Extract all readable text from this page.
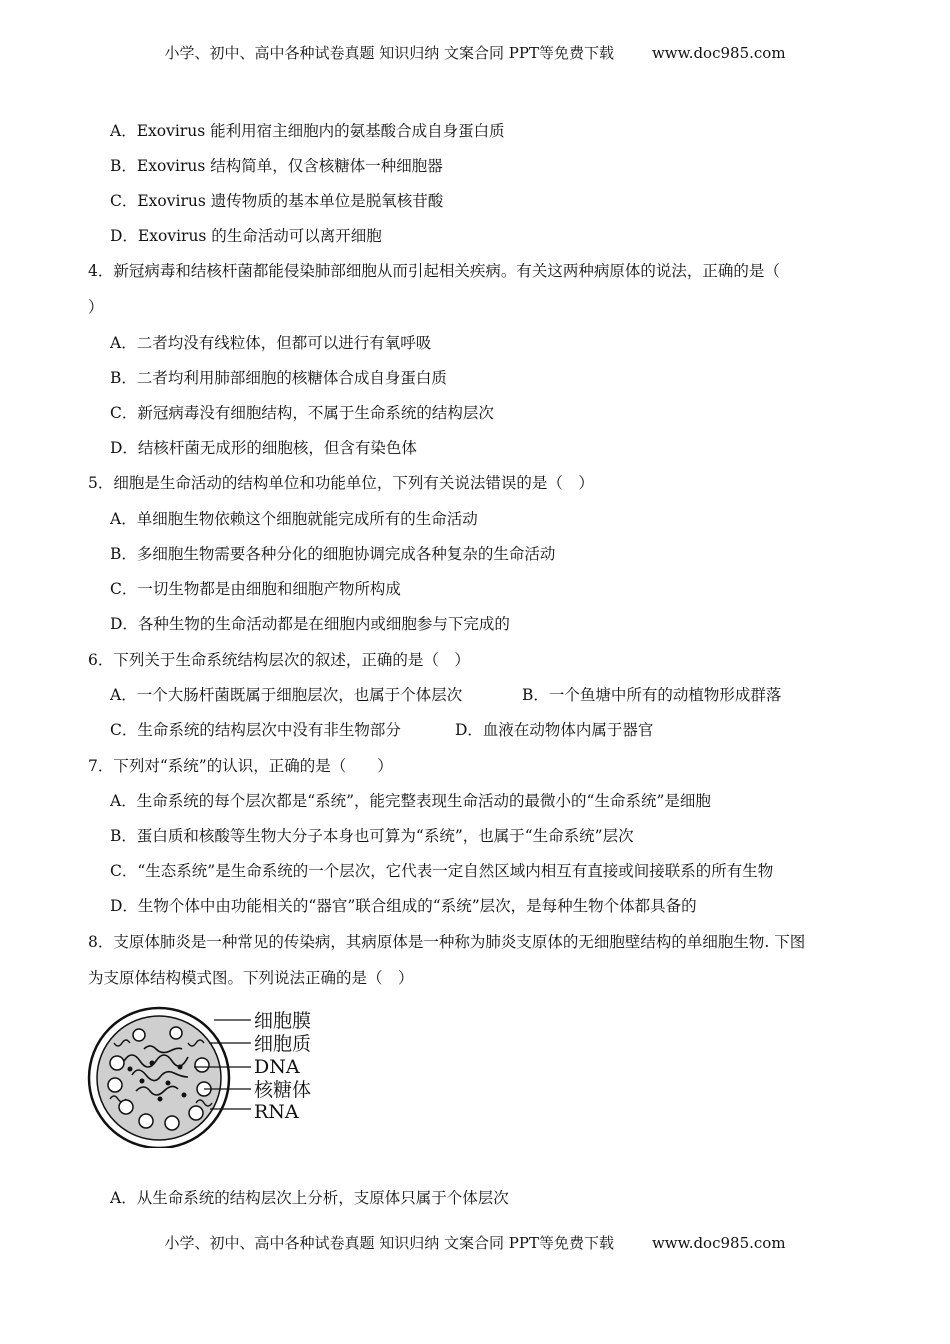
小学、初中、高中各种试卷真题 知识归纳 文案合同 PPT等免费下载	www.doc985.com
A．Exovirus 能利用宿主细胞内的氨基酸合成自身蛋白质
B．Exovirus 结构简单，仅含核糖体一种细胞器
C．Exovirus 遗传物质的基本单位是脱氧核苷酸
D．Exovirus 的生命活动可以离开细胞
4．新冠病毒和结核杆菌都能侵染肺部细胞从而引起相关疾病。有关这两种病原体的说法，正确的是（
）
A．二者均没有线粒体，但都可以进行有氧呼吸
B．二者均利用肺部细胞的核糖体合成自身蛋白质
C．新冠病毒没有细胞结构，不属于生命系统的结构层次
D．结核杆菌无成形的细胞核，但含有染色体
5．细胞是生命活动的结构单位和功能单位，下列有关说法错误的是（　）
A．单细胞生物依赖这个细胞就能完成所有的生命活动
B．多细胞生物需要各种分化的细胞协调完成各种复杂的生命活动
C．一切生物都是由细胞和细胞产物所构成
D．各种生物的生命活动都是在细胞内或细胞参与下完成的
6．下列关于生命系统结构层次的叙述，正确的是（　）
A．一个大肠杆菌既属于细胞层次，也属于个体层次	B．一个鱼塘中所有的动植物形成群落
C．生命系统的结构层次中没有非生物部分	D．血液在动物体内属于器官
7．下列对“系统”的认识，正确的是（　　）
A．生命系统的每个层次都是“系统”，能完整表现生命活动的最微小的“生命系统”是细胞
B．蛋白质和核酸等生物大分子本身也可算为“系统”，也属于“生命系统”层次
C．“生态系统”是生命系统的一个层次，它代表一定自然区域内相互有直接或间接联系的所有生物
D．生物个体中由功能相关的“器官”联合组成的“系统”层次，是每种生物个体都具备的
8．支原体肺炎是一种常见的传染病，其病原体是一种称为肺炎支原体的无细胞壁结构的单细胞生物. 下图
为支原体结构模式图。下列说法正确的是（　）
细胞膜
细胞质
DNA
核糖体
RNA
A．从生命系统的结构层次上分析，支原体只属于个体层次
小学、初中、高中各种试卷真题 知识归纳 文案合同 PPT等免费下载	www.doc985.com
